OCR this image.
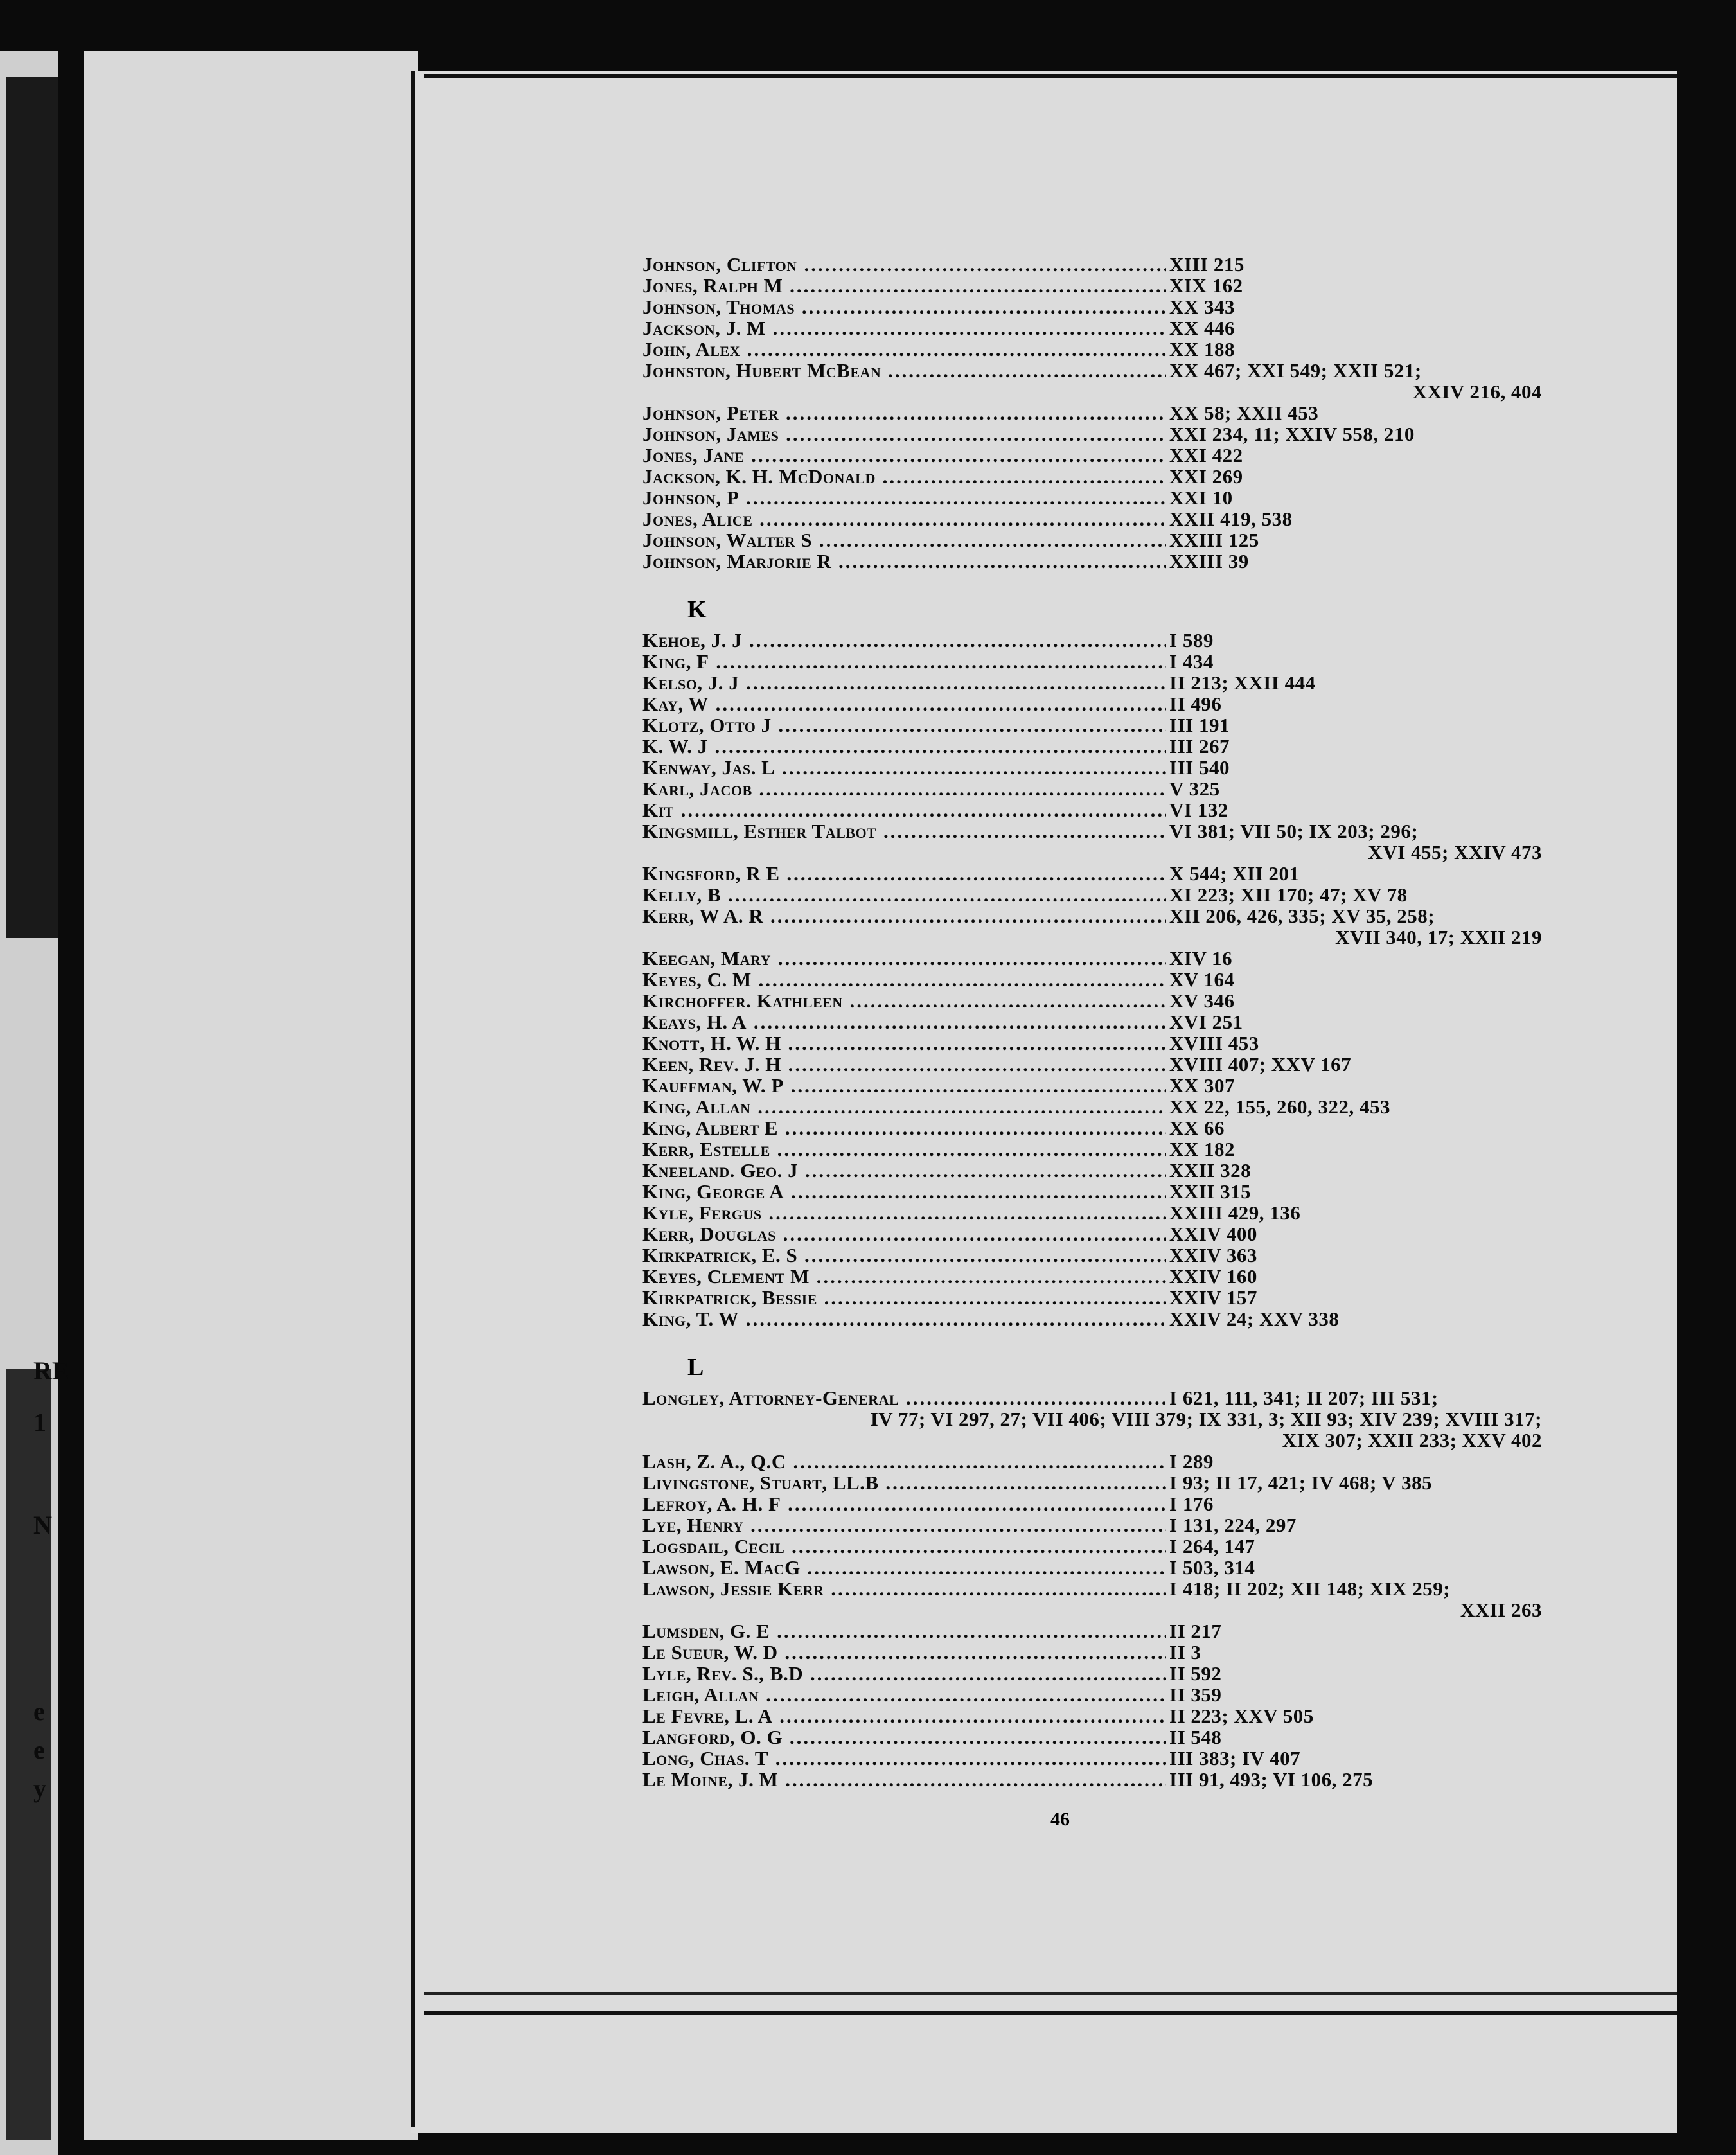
RE
1
N
e
e
y
Johnson, Clifton .....	XIII 215
Jones, Ralph M .....	XIX 162
Johnson, Thomas .....	XX 343
Jackson, J. M .....	XX 446
John, Alex .....	XX 188
Johnston, Hubert McBean .....	XX 467; XXI 549; XXII 521;
XXIV 216, 404
Johnson, Peter .....	XX 58; XXII 453
Johnson, James .....	XXI 234, 11; XXIV 558, 210
Jones, Jane .....	XXI 422
Jackson, K. H. McDonald .....	XXI 269
Johnson, P .....	XXI 10
Jones, Alice .....	XXII 419, 538
Johnson, Walter S .....	XXIII 125
Johnson, Marjorie R .....	XXIII 39
K
Kehoe, J. J .....	I 589
King, F .....	I 434
Kelso, J. J .....	II 213; XXII 444
Kay, W .....	II 496
Klotz, Otto J .....	III 191
K. W. J .....	III 267
Kenway, Jas. L .....	III 540
Karl, Jacob .....	V 325
Kit .....	VI 132
Kingsmill, Esther Talbot .....	VI 381; VII 50; IX 203; 296;
XVI 455; XXIV 473
Kingsford, R E .....	X 544; XII 201
Kelly, B .....	XI 223; XII 170; 47; XV 78
Kerr, W A. R .....	XII 206, 426, 335; XV 35, 258;
XVII 340, 17; XXII 219
Keegan, Mary .....	XIV 16
Keyes, C. M .....	XV 164
Kirchoffer. Kathleen .....	XV 346
Keays, H. A .....	XVI 251
Knott, H. W. H .....	XVIII 453
Keen, Rev. J. H .....	XVIII 407; XXV 167
Kauffman, W. P .....	XX 307
King, Allan .....	XX 22, 155, 260, 322, 453
King, Albert E .....	XX 66
Kerr, Estelle .....	XX 182
Kneeland. Geo. J .....	XXII 328
King, George A .....	XXII 315
Kyle, Fergus .....	XXIII 429, 136
Kerr, Douglas .....	XXIV 400
Kirkpatrick, E. S .....	XXIV 363
Keyes, Clement M .....	XXIV 160
Kirkpatrick, Bessie .....	XXIV 157
King, T. W .....	XXIV 24; XXV 338
L
Longley, Attorney-General .....	I 621, 111, 341; II 207; III 531;
IV 77; VI 297, 27; VII 406; VIII 379; IX 331, 3; XII 93; XIV 239; XVIII 317;
XIX 307; XXII 233; XXV 402
Lash, Z. A., Q.C .....	I 289
Livingstone, Stuart, LL.B .....	I 93; II 17, 421; IV 468; V 385
Lefroy, A. H. F .....	I 176
Lye, Henry .....	I 131, 224, 297
Logsdail, Cecil .....	I 264, 147
Lawson, E. MacG .....	I 503, 314
Lawson, Jessie Kerr .....	I 418; II 202; XII 148; XIX 259;
XXII 263
Lumsden, G. E .....	II 217
Le Sueur, W. D .....	II 3
Lyle, Rev. S., B.D .....	II 592
Leigh, Allan .....	II 359
Le Fevre, L. A .....	II 223; XXV 505
Langford, O. G .....	II 548
Long, Chas. T .....	III 383; IV 407
Le Moine, J. M .....	III 91, 493; VI 106, 275
46
